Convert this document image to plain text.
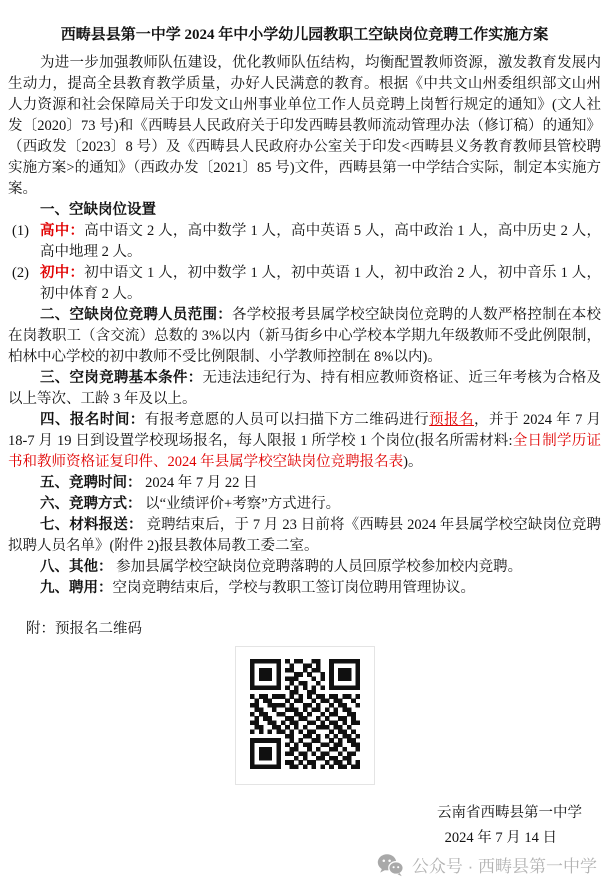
西畴县县第一中学 2024 年中小学幼儿园教职工空缺岗位竞聘工作实施方案

为进一步加强教师队伍建设，优化教师队伍结构，均衡配置教师资源，激发教育发展内生动力，提高全县教育教学质量，办好人民满意的教育。根据《中共文山州委组织部文山州人力资源和社会保障局关于印发文山州事业单位工作人员竞聘上岗暂行规定的通知》(文人社发〔2020〕73 号)和《西畴县人民政府关于印发西畴县教师流动管理办法（修订稿）的通知》（西政发〔2023〕8 号）及《西畴县人民政府办公室关于印发<西畴县义务教育教师县管校聘实施方案>的通知》（西政办发〔2021〕85 号)文件，西畴县第一中学结合实际，制定本实施方案。

一、空缺岗位设置

(1) 高中：高中语文 2 人，高中数学 1 人，高中英语 5 人，高中政治 1 人，高中历史 2 人，高中地理 2 人。

(2) 初中：初中语文 1 人，初中数学 1 人，初中英语 1 人，初中政治 2 人，初中音乐 1 人，初中体育 2 人。

二、空缺岗位竞聘人员范围：各学校报考县属学校空缺岗位竞聘的人数严格控制在本校在岗教职工（含交流）总数的 3%以内（新马街乡中心学校本学期九年级教师不受此例限制，柏林中心学校的初中教师不受比例限制、小学教师控制在 8%以内)。

三、空岗竞聘基本条件：无违法违纪行为、持有相应教师资格证、近三年考核为合格及以上等次、工龄 3 年及以上。

四、报名时间：有报考意愿的人员可以扫描下方二维码进行预报名，并于 2024 年 7 月 18-7 月 19 日到设置学校现场报名，每人限报 1 所学校 1 个岗位(报名所需材料:全日制学历证书和教师资格证复印件、2024 年县属学校空缺岗位竞聘报名表)。

五、竞聘时间： 2024 年 7 月 22 日

六、竞聘方式： 以“业绩评价+考察”方式进行。

七、材料报送： 竞聘结束后，于 7 月 23 日前将《西畴县 2024 年县属学校空缺岗位竞聘拟聘人员名单》(附件 2)报县教体局教工委二室。

八、其他： 参加县属学校空缺岗位竞聘落聘的人员回原学校参加校内竞聘。

九、聘用：空岗竞聘结束后，学校与教职工签订岗位聘用管理协议。

附：预报名二维码
云南省西畴县第一中学
2024 年 7 月 14 日
公众号 · 西畴县第一中学
